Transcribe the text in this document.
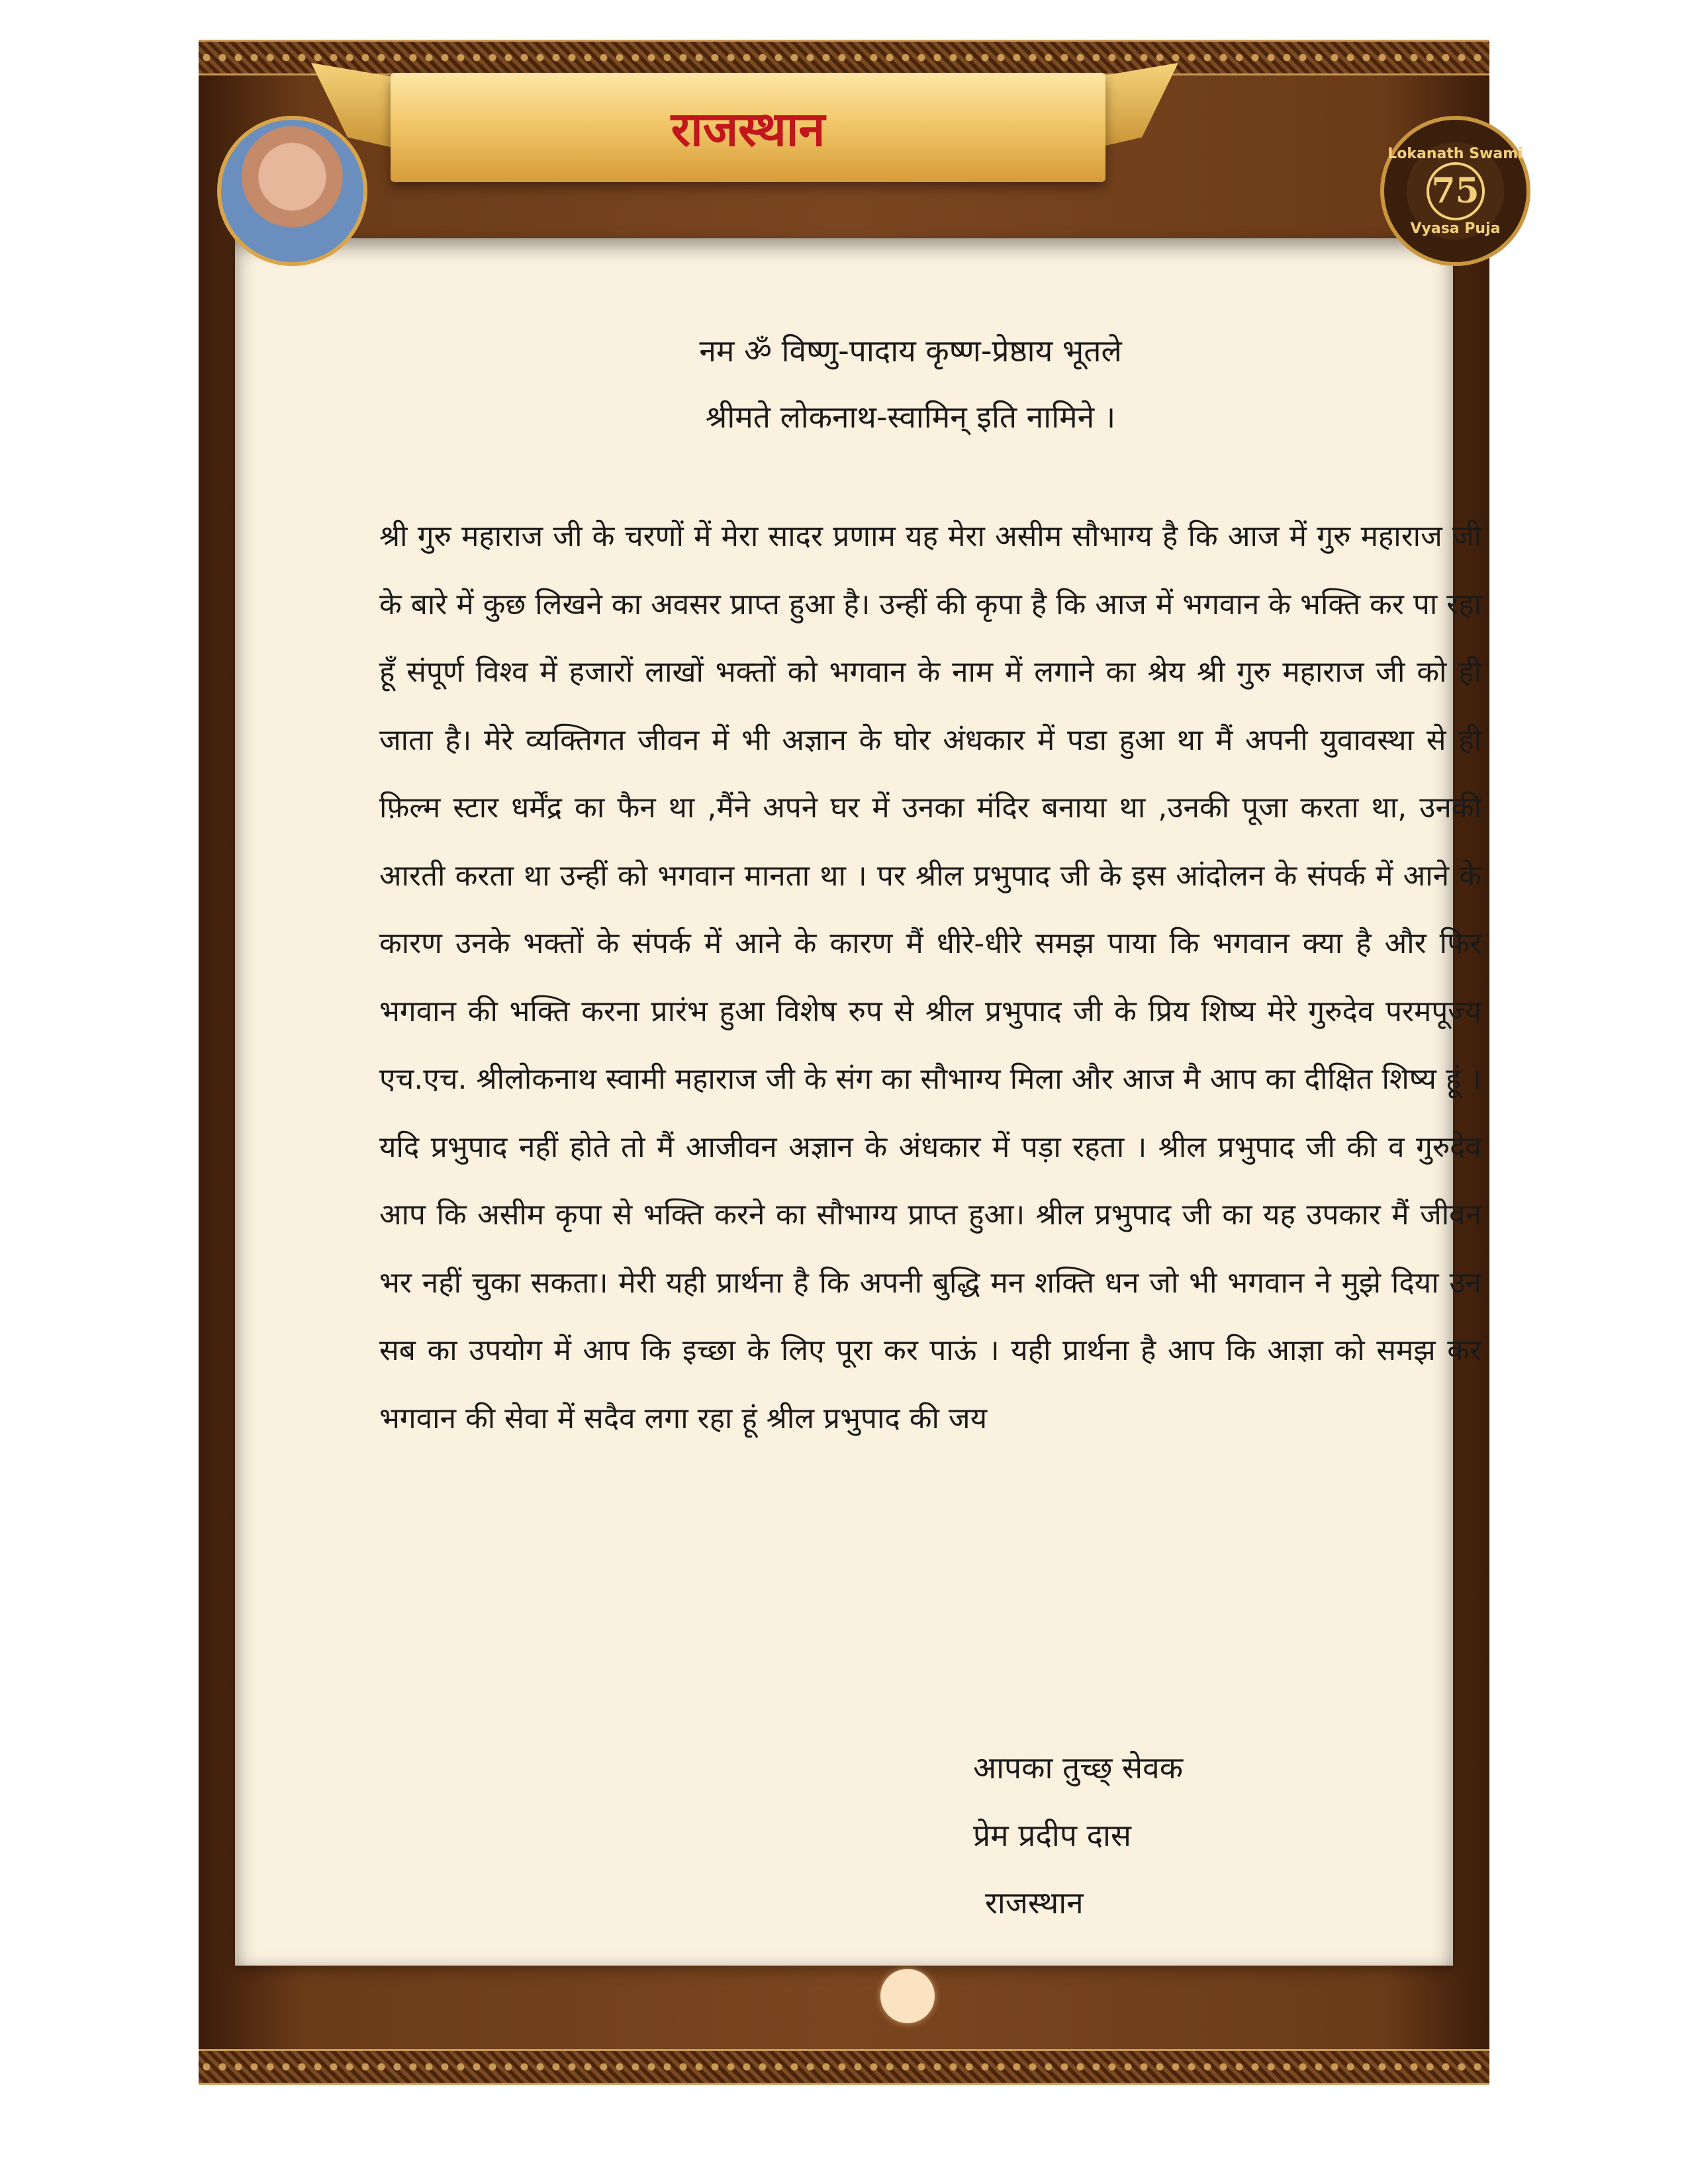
Lokanath Swami
75
Vyasa Puja
राजस्थान
नम ॐ विष्णु-पादाय कृष्ण-प्रेष्ठाय भूतले
श्रीमते लोकनाथ-स्वामिन् इति नामिने ।
श्री गुरु महाराज जी के चरणों में मेरा सादर प्रणाम यह मेरा असीम सौभाग्य है कि आज में गुरु महाराज जी के बारे में कुछ लिखने का अवसर प्राप्त हुआ है। उन्हीं की कृपा है कि आज में भगवान के भक्ति कर पा रहा हूँ संपूर्ण विश्व में हजारों लाखों भक्तों को भगवान के नाम में लगाने का श्रेय श्री गुरु महाराज जी को ही जाता है। मेरे व्यक्तिगत जीवन में भी अज्ञान के घोर अंधकार में पडा हुआ था मैं अपनी युवावस्था से ही फ़िल्म स्टार धर्मेंद्र का फैन था ,मैंने अपने घर में उनका मंदिर बनाया था ,उनकी पूजा करता था, उनकी आरती करता था उन्हीं को भगवान मानता था । पर श्रील प्रभुपाद जी के इस आंदोलन के संपर्क में आने के कारण उनके भक्तों के संपर्क में आने के कारण मैं धीरे-धीरे समझ पाया कि भगवान क्या है और फिर भगवान की भक्ति करना प्रारंभ हुआ विशेष रुप से श्रील प्रभुपाद जी के प्रिय शिष्य मेरे गुरुदेव परमपूज्य एच.एच. श्रीलोकनाथ स्वामी महाराज जी के संग का सौभाग्य मिला और आज मै आप का दीक्षित शिष्य हूं । यदि प्रभुपाद नहीं होते तो मैं आजीवन अज्ञान के अंधकार में पड़ा रहता । श्रील प्रभुपाद जी की व गुरुदेव आप कि असीम कृपा से भक्ति करने का सौभाग्य प्राप्त हुआ। श्रील प्रभुपाद जी का यह उपकार मैं जीवन भर नहीं चुका सकता। मेरी यही प्रार्थना है कि अपनी बुद्धि मन शक्ति धन जो भी भगवान ने मुझे दिया उन सब का उपयोग में आप कि इच्छा के लिए पूरा कर पाऊं । यही प्रार्थना है आप कि आज्ञा को समझ कर भगवान की सेवा में सदैव लगा रहा हूं श्रील प्रभुपाद की जय
आपका तुच्छ् सेवक
प्रेम प्रदीप दास
राजस्थान
